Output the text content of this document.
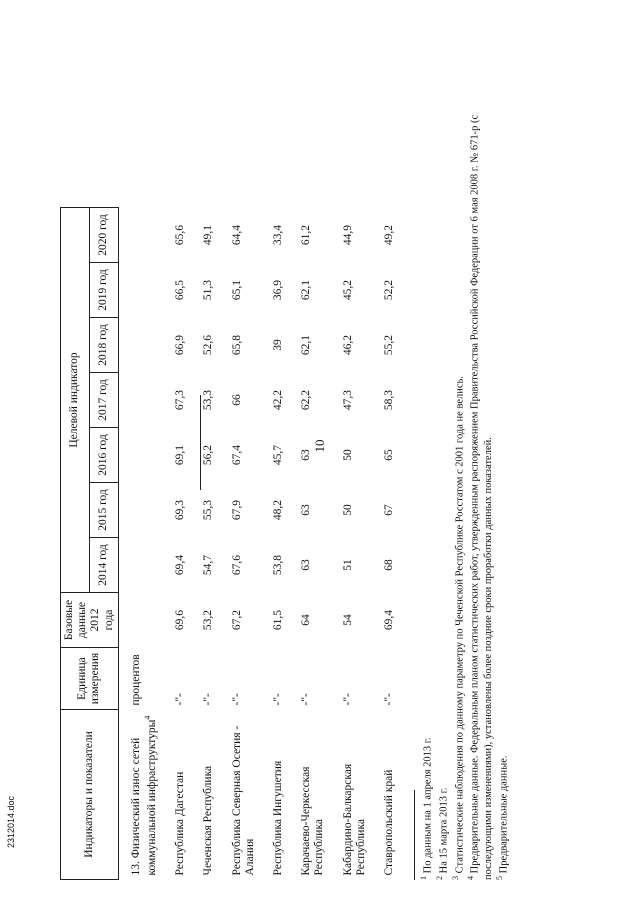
10
Индикаторы и показатели	Единица измерения	Базовые данные 2012 года	Целевой индикатор						
			2014 год	2015 год	2016 год	2017 год	2018 год	2019 год	2020 год
13. Физический износ сетей коммунальной инфраструктуры$^4$	процентов								
Республика Дагестан	-"-	69,6	69,4	69,3	69,1	67,3	66,9	66,5	65,6
Чеченская Республика	-"-	53,2	54,7	55,3	56,2	53,3	52,6	51,3	49,1
Республика Северная Осетия - Алания	-"-	67,2	67,6	67,9	67,4	66	65,8	65,1	64,4
Республика Ингушетия	-"-	61,5	53,8	48,2	45,7	42,2	39	36,9	33,4
Карачаево-Черкесская Республика	-"-	64	63	63	63	62,2	62,1	62,1	61,2
Кабардино-Балкарская Республика	-"-	54	51	50	50	47,3	46,2	45,2	44,9
Ставропольский край	-"-	69,4	68	67	65	58,3	55,2	52,2	49,2
$^1$ По данным на 1 апреля 2013 г.
$^2$ На 15 марта 2013 г.
$^3$ Статистические наблюдения по данному параметру по Чеченской Республике Росстатом с 2001 года не велись.
$^4$ Предварительные данные. Федеральным планом статистических работ, утвержденным распоряжением Правительства Российской Федерации от 6 мая 2008 г. № 671-р (с последующими изменениями), установлены более поздние сроки проработки данных показателей. $^5$ Предварительные данные.
2312014.doc
